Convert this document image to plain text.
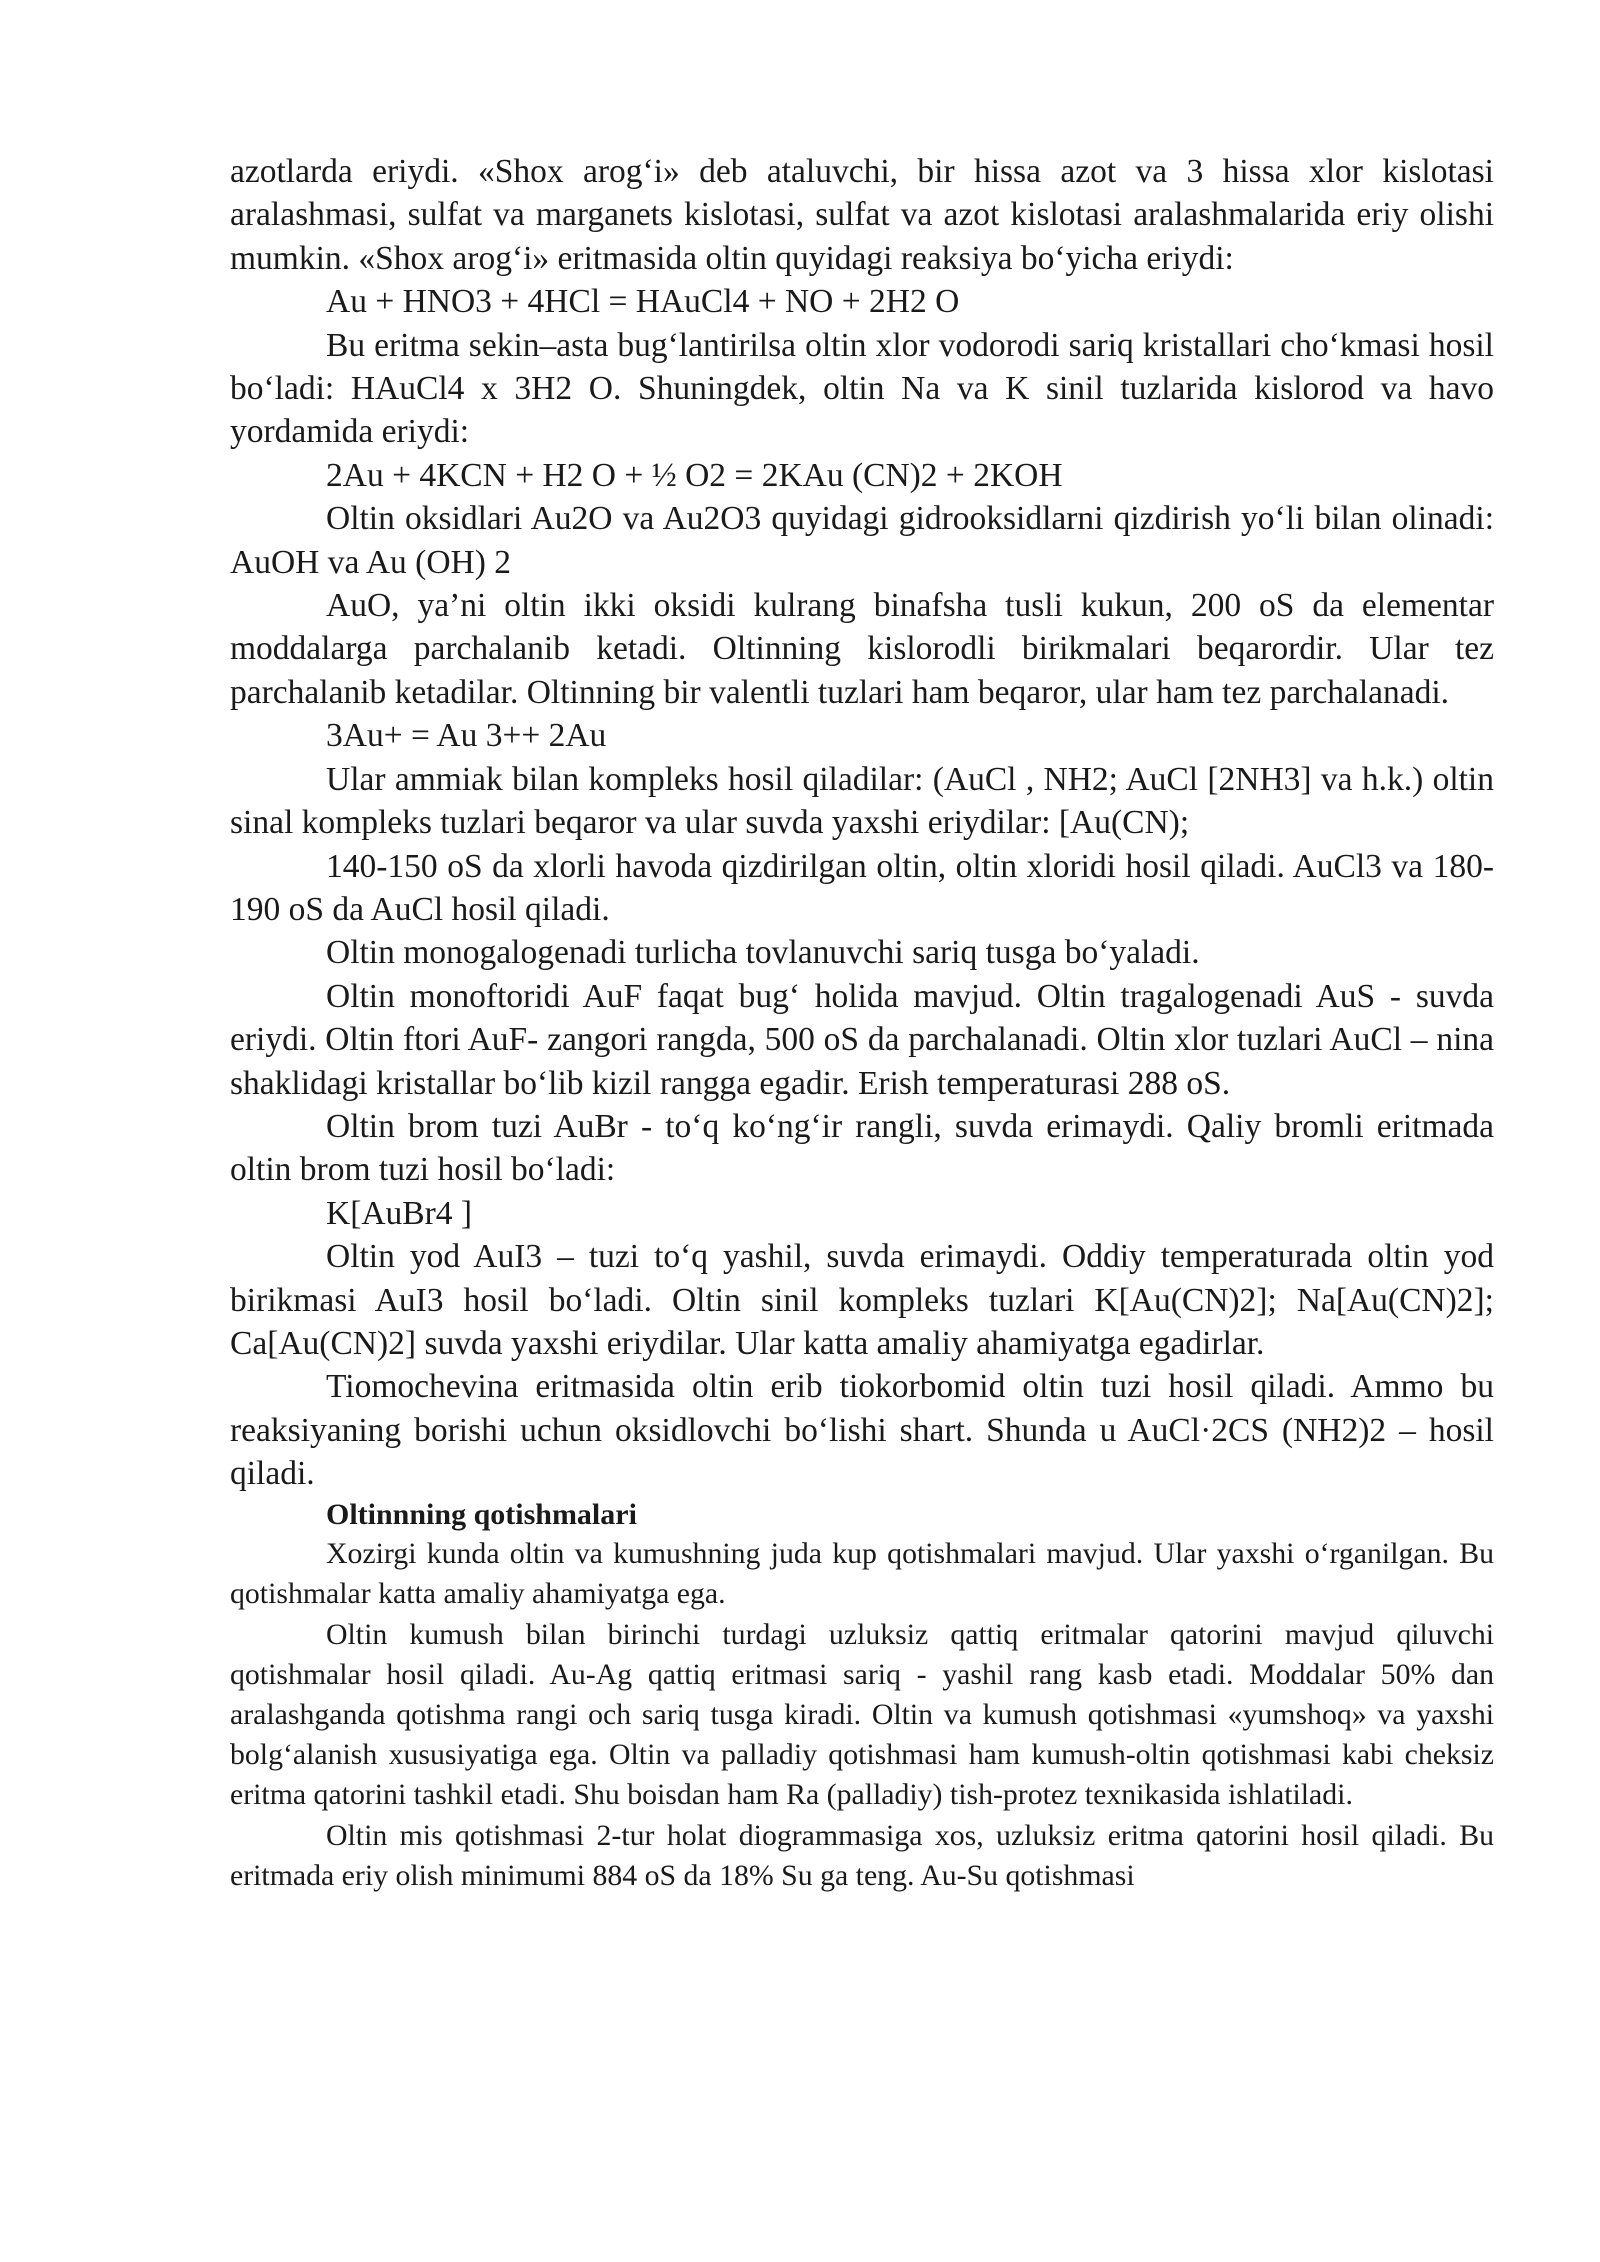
azotlarda eriydi. «Shox arog‘i» deb ataluvchi, bir hissa azot va 3 hissa xlor kislotasi aralashmasi, sulfat va marganets kislotasi, sulfat va azot kislotasi aralashmalarida eriy olishi mumkin. «Shox arog‘i» eritmasida oltin quyidagi reaksiya bo‘yicha eriydi:

Au + HNO3 + 4HCl = HAuCl4 + NO + 2H2 O

Bu eritma sekin–asta bug‘lantirilsa oltin xlor vodorodi sariq kristallari cho‘kmasi hosil bo‘ladi: HAuCl4 x 3H2 O. Shuningdek, oltin Na va K sinil tuzlarida kislorod va havo yordamida eriydi:

2Au + 4KCN + H2 O + ½ O2 = 2KAu (CN)2 + 2KOH

Oltin oksidlari Au2O va Au2O3 quyidagi gidrooksidlarni qizdirish yo‘li bilan olinadi: AuOH va Au (OH) 2

AuO, ya’ni oltin ikki oksidi kulrang binafsha tusli kukun, 200 oS da elementar moddalarga parchalanib ketadi. Oltinning kislorodli birikmalari beqarordir. Ular tez parchalanib ketadilar. Oltinning bir valentli tuzlari ham beqaror, ular ham tez parchalanadi.

3Au+ = Au 3++ 2Au

Ular ammiak bilan kompleks hosil qiladilar: (AuCl , NH2; AuCl [2NH3] va h.k.) oltin sinal kompleks tuzlari beqaror va ular suvda yaxshi eriydilar: [Au(CN);

140-150 oS da xlorli havoda qizdirilgan oltin, oltin xloridi hosil qiladi. AuCl3 va 180-190 oS da AuCl hosil qiladi.

Oltin monogalogenadi turlicha tovlanuvchi sariq tusga bo‘yaladi.

Oltin monoftoridi AuF faqat bug‘ holida mavjud. Oltin tragalogenadi AuS - suvda eriydi. Oltin ftori AuF- zangori rangda, 500 oS da parchalanadi. Oltin xlor tuzlari AuCl – nina shaklidagi kristallar bo‘lib kizil rangga egadir. Erish temperaturasi 288 oS.

Oltin brom tuzi AuBr - to‘q ko‘ng‘ir rangli, suvda erimaydi. Qaliy bromli eritmada oltin brom tuzi hosil bo‘ladi:

K[AuBr4 ]

Oltin yod AuI3 – tuzi to‘q yashil, suvda erimaydi. Oddiy temperaturada oltin yod birikmasi AuI3 hosil bo‘ladi. Oltin sinil kompleks tuzlari K[Au(CN)2]; Na[Au(CN)2]; Ca[Au(CN)2] suvda yaxshi eriydilar. Ular katta amaliy ahamiyatga egadirlar.

Tiomochevina eritmasida oltin erib tiokorbomid oltin tuzi hosil qiladi. Ammo bu reaksiyaning borishi uchun oksidlovchi bo‘lishi shart. Shunda u AuCl·2CS (NH2)2 – hosil qiladi.

Oltinnning qotishmalari

Xozirgi kunda oltin va kumushning juda kup qotishmalari mavjud. Ular yaxshi o‘rganilgan. Bu qotishmalar katta amaliy ahamiyatga ega.

Oltin kumush bilan birinchi turdagi uzluksiz qattiq eritmalar qatorini mavjud qiluvchi qotishmalar hosil qiladi. Au-Ag qattiq eritmasi sariq - yashil rang kasb etadi. Moddalar 50% dan aralashganda qotishma rangi och sariq tusga kiradi. Oltin va kumush qotishmasi «yumshoq» va yaxshi bolg‘alanish xususiyatiga ega. Oltin va palladiy qotishmasi ham kumush-oltin qotishmasi kabi cheksiz eritma qatorini tashkil etadi. Shu boisdan ham Ra (palladiy) tish-protez texnikasida ishlatiladi.

Oltin mis qotishmasi 2-tur holat diogrammasiga xos, uzluksiz eritma qatorini hosil qiladi. Bu eritmada eriy olish minimumi 884 oS da 18% Su ga teng. Au-Su qotishmasi
